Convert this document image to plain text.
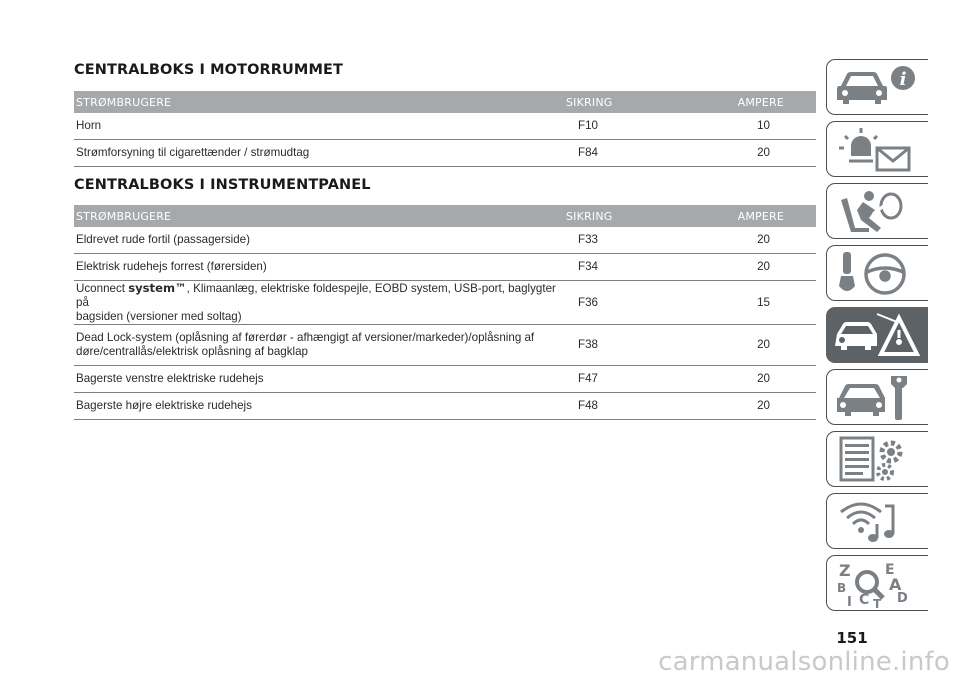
CENTRALBOKS I MOTORRUMMET
STRØMBRUGERE	SIKRING	AMPERE
Horn	F10	10
Strømforsyning til cigarettænder / strømudtag	F84	20
CENTRALBOKS I INSTRUMENTPANEL
STRØMBRUGERE	SIKRING	AMPERE
Eldrevet rude fortil (passagerside)	F33	20
Elektrisk rudehejs forrest (førersiden)	F34	20
Uconnect system™, Klimaanlæg, elektriske foldespejle, EOBD system, USB-port, baglygter på
bagsiden (versioner med soltag)	F36	15
Dead Lock-system (oplåsning af førerdør - afhængigt af versioner/markeder)/oplåsning af
døre/centrallås/elektrisk oplåsning af bagklap	F38	20
Bagerste venstre elektriske rudehejs	F47	20
Bagerste højre elektriske rudehejs	F48	20
i
Z E
B	A
I C T D
151
carmanualsonline.info
